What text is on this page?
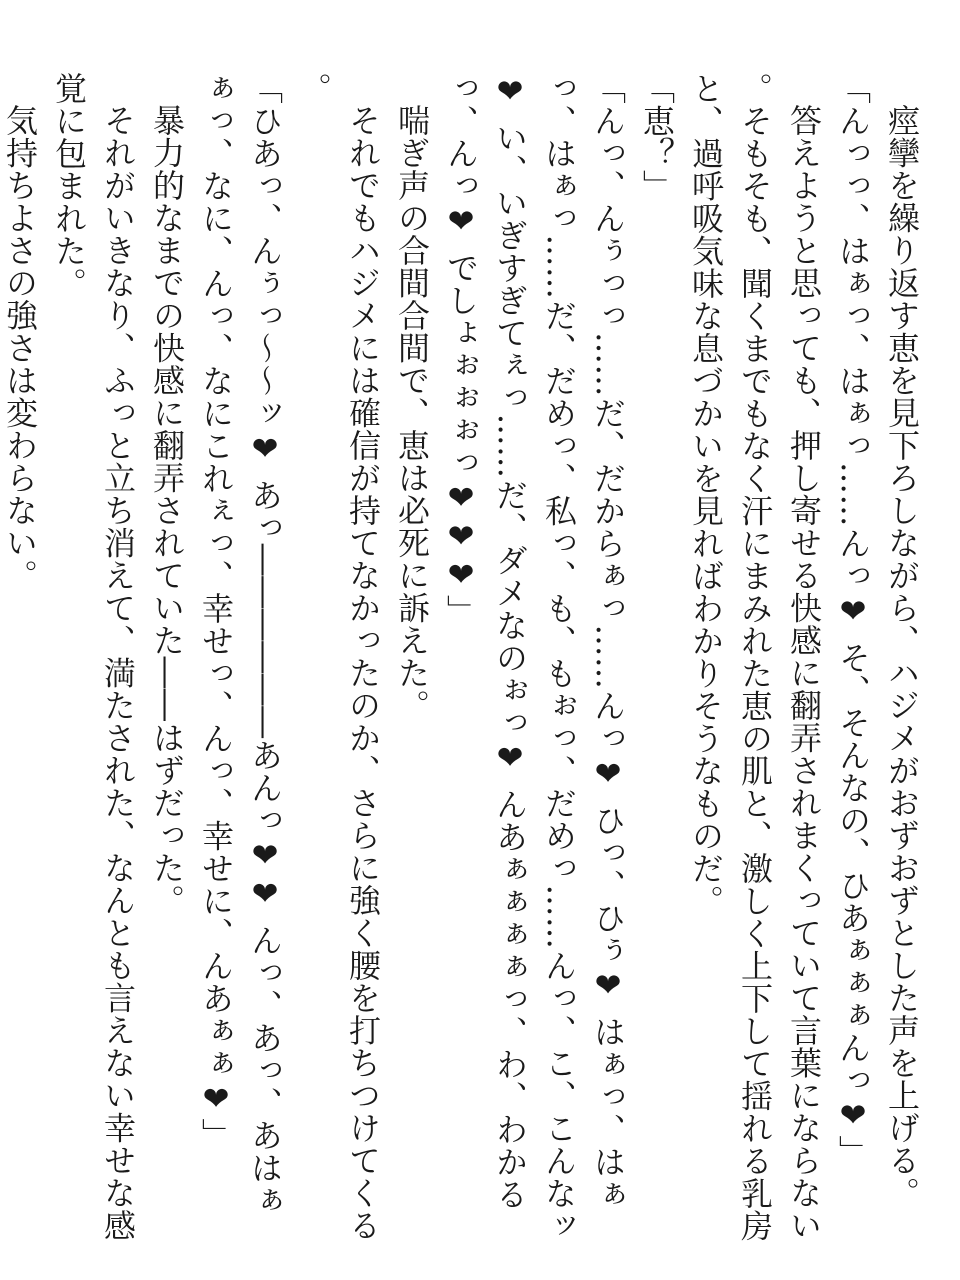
痙攣を繰り返す恵を見下ろしながら、ハジメがおずおずとした声を上げる。

「んっっ、はぁっ、はぁっ……んっ❤ そ、そんなの、ひあぁぁぁんっ❤」

答えようと思っても、押し寄せる快感に翻弄されまくっていて言葉にならない。そもそも、聞くまでもなく汗にまみれた恵の肌と、激しく上下して揺れる乳房と、過呼吸気味な息づかいを見ればわかりそうなものだ。

「恵？」

「んっ、んぅっっ……だ、だからぁっ……んっ❤ ひっ、ひぅ❤ はぁっ、はぁっ、はぁっ……だ、だめっ、私っ、も、もぉっ、だめっ……んっ、こ、こんなッ❤ い、いぎすぎてぇっ……だ、ダメなのぉっ❤ んあぁぁぁぁっ、わ、わかるっ、んっ❤ でしょぉぉぉっ❤❤❤」

喘ぎ声の合間合間で、恵は必死に訴えた。

それでもハジメには確信が持てなかったのか、さらに強く腰を打ちつけてくる。

「ひあっ、んぅっ～～ッ❤ あっ――――――あんっ❤❤ んっ、あっ、あはぁぁっ、なに、んっ、なにこれぇっ、幸せっ、んっ、幸せに、んあぁぁ❤」

暴力的なまでの快感に翻弄されていた――はずだった。

それがいきなり、ふっと立ち消えて、満たされた、なんとも言えない幸せな感覚に包まれた。

気持ちよさの強さは変わらない。
